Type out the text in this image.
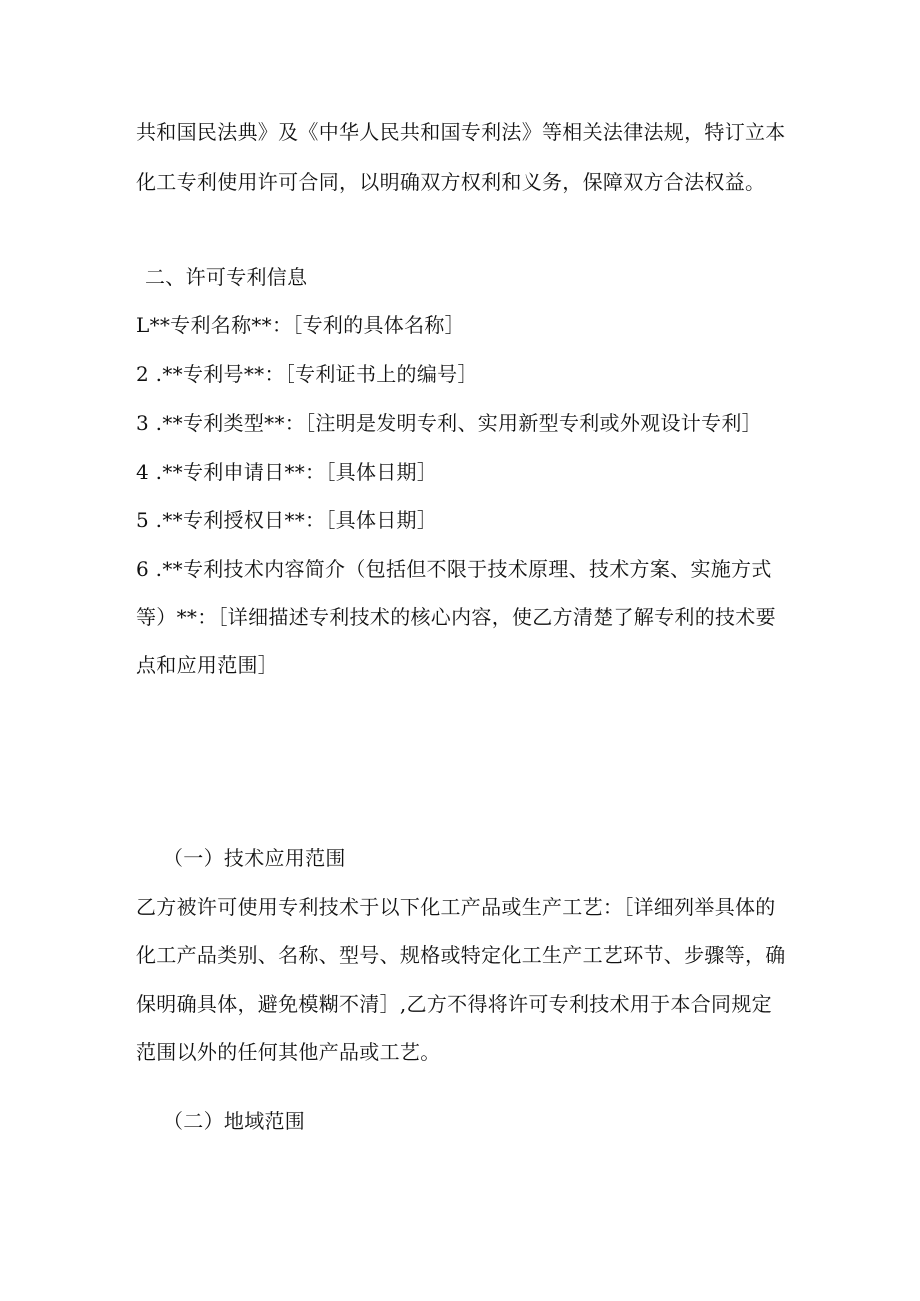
共和国民法典》及《中华人民共和国专利法》等相关法律法规，特订立本
化工专利使用许可合同，以明确双方权利和义务，保障双方合法权益。
二、许可专利信息
L**专利名称**：［专利的具体名称］
2 .**专利号**：［专利证书上的编号］
3 .**专利类型**：［注明是发明专利、实用新型专利或外观设计专利］
4 .**专利申请日**：［具体日期］
5 .**专利授权日**：［具体日期］
6 .**专利技术内容简介（包括但不限于技术原理、技术方案、实施方式
等）**：［详细描述专利技术的核心内容，使乙方清楚了解专利的技术要
点和应用范围］
（一）技术应用范围
乙方被许可使用专利技术于以下化工产品或生产工艺：［详细列举具体的
化工产品类别、名称、型号、规格或特定化工生产工艺环节、步骤等，确
保明确具体，避免模糊不清］,乙方不得将许可专利技术用于本合同规定
范围以外的任何其他产品或工艺。
（二）地域范围
